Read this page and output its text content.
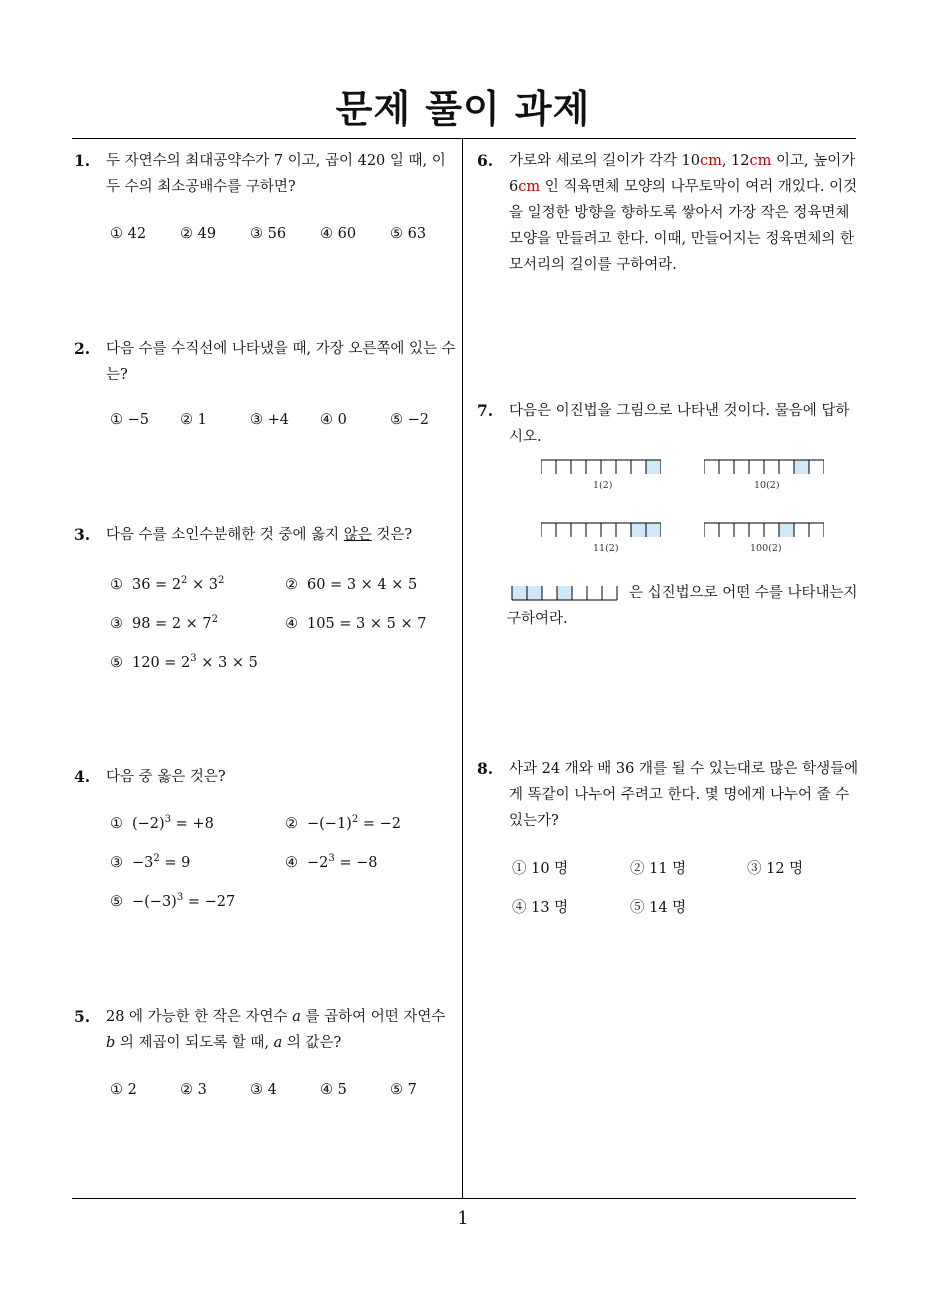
문제 풀이 과제
1. 두 자연수의 최대공약수가 7 이고, 곱이 420 일 때, 이 두 수의 최소공배수를 구하면?
① 42 ② 49 ③ 56 ④ 60 ⑤ 63
2. 다음 수를 수직선에 나타냈을 때, 가장 오른쪽에 있는 수는?
① −5 ② 1	③ +4 ④ 0	⑤ −2
3. 다음 수를 소인수분해한 것 중에 옳지 않은 것은?
① $36 = 2^2 \times 3^2$	② 60 = 3 × 4 × 5
③ $98 = 2 \times 7^2$	④ 105 = 3 × 5 × 7
⑤ $120 = 2^3 \times 3 \times 5$
4. 다음 중 옳은 것은?
① $(-2)^3 = +8$	② $-(-1)^2 = -2$
③ $-3^2 = 9$	④ $-2^3 = -8$
⑤ $-(-3)^3 = -27$
5. 28 에 가능한 한 작은 자연수 a 를 곱하여 어떤 자연수 b 의 제곱이 되도록 할 때, a 의 값은?
① 2	② 3	③ 4	④ 5	⑤ 7
6. 가로와 세로의 길이가 각각 10cm, 12cm 이고, 높이가 6cm 인 직육면체 모양의 나무토막이 여러 개있다. 이것을 일정한 방향을 향하도록 쌓아서 가장 작은 정육면체 모양을 만들려고 한다. 이때, 만들어지는 정육면체의 한 모서리의 길이를 구하여라.
7. 다음은 이진법을 그림으로 나타낸 것이다. 물음에 답하시오.
1(2)	10(2)
11(2)	100(2)
은 십진법으로 어떤 수를 나타내는지 구하여라.
8. 사과 24 개와 배 36 개를 될 수 있는대로 많은 학생들에게 똑같이 나누어 주려고 한다. 몇 명에게 나누어 줄 수 있는가?
① 10 명	② 11 명	③ 12 명
④ 13 명	⑤ 14 명
1
